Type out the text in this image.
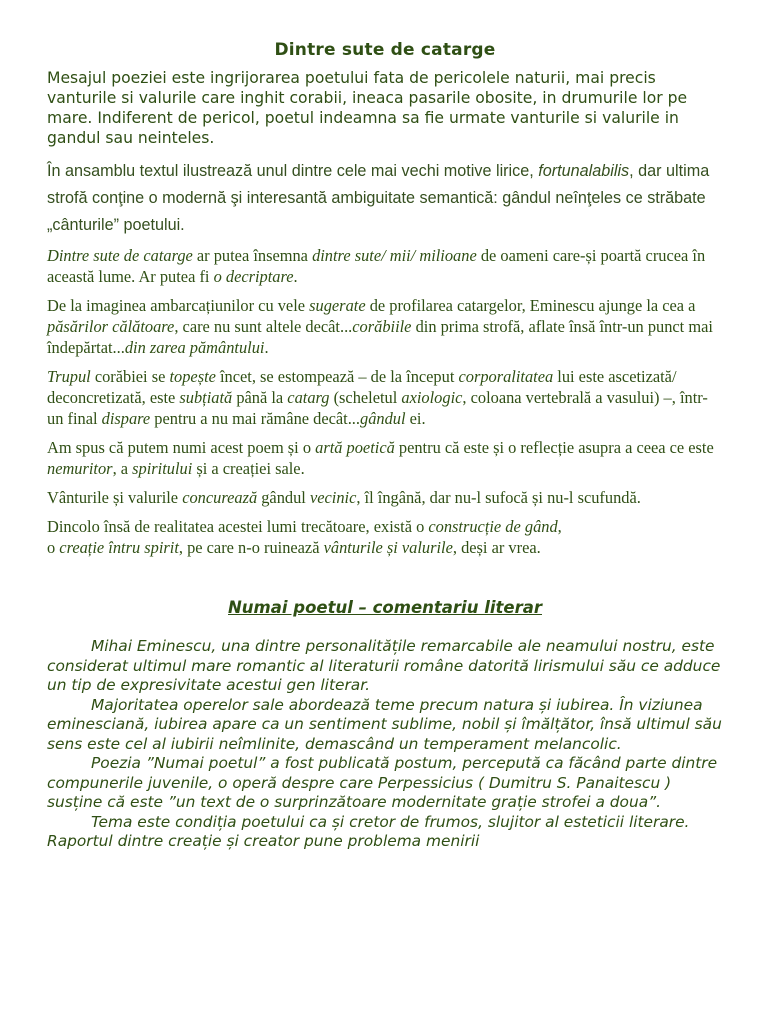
Dintre sute de catarge

Mesajul poeziei este ingrijorarea poetului fata de pericolele naturii, mai precis vanturile si valurile care inghit corabii, ineaca pasarile obosite, in drumurile lor pe mare. Indiferent de pericol, poetul indeamna sa fie urmate vanturile si valurile in gandul sau neinteles.

În ansamblu textul ilustrează unul dintre cele mai vechi motive lirice, fortunalabilis, dar ultima strofă conţine o modernă şi interesantă ambiguitate semantică: gândul neînţeles ce străbate „cânturile” poetului.

Dintre sute de catarge ar putea însemna dintre sute/ mii/ milioane de oameni care-și poartă crucea în această lume. Ar putea fi o decriptare.

De la imaginea ambarcațiunilor cu vele sugerate de profilarea catargelor, Eminescu ajunge la cea a păsărilor călătoare, care nu sunt altele decât...corăbiile din prima strofă, aflate însă într-un punct mai îndepărtat...din zarea pământului.

Trupul corăbiei se topește încet, se estompează – de la început corporalitatea lui este ascetizată/ deconcretizată, este subțiată până la catarg (scheletul axiologic, coloana vertebrală a vasului) –, într-un final dispare pentru a nu mai rămâne decât...gândul ei.

Am spus că putem numi acest poem și o artă poetică pentru că este și o reflecție asupra a ceea ce este nemuritor, a spiritului și a creației sale.

Vânturile și valurile concurează gândul vecinic, îl îngână, dar nu-l sufocă și nu-l scufundă.

Dincolo însă de realitatea acestei lumi trecătoare, există o construcție de gând,
o creație întru spirit, pe care n-o ruinează vânturile și valurile, deși ar vrea.

Numai poetul – comentariu literar

Mihai Eminescu, una dintre personalitățile remarcabile ale neamului nostru, este considerat ultimul mare romantic al literaturii române datorită lirismului său ce adduce un tip de expresivitate acestui gen literar.

Majoritatea operelor sale abordează teme precum natura și iubirea. În viziunea eminesciană, iubirea apare ca un sentiment sublime, nobil și îmălțător, însă ultimul său sens este cel al iubirii neîmlinite, demascând un temperament melancolic.

Poezia ”Numai poetul” a fost publicată postum, percepută ca făcând parte dintre compunerile juvenile, o operă despre care Perpessicius ( Dumitru S. Panaitescu ) susține că este ”un text de o surprinzătoare modernitate grație strofei a doua”.

Tema este condiția poetului ca și cretor de frumos, slujitor al esteticii literare. Raportul dintre creație și creator pune problema menirii
